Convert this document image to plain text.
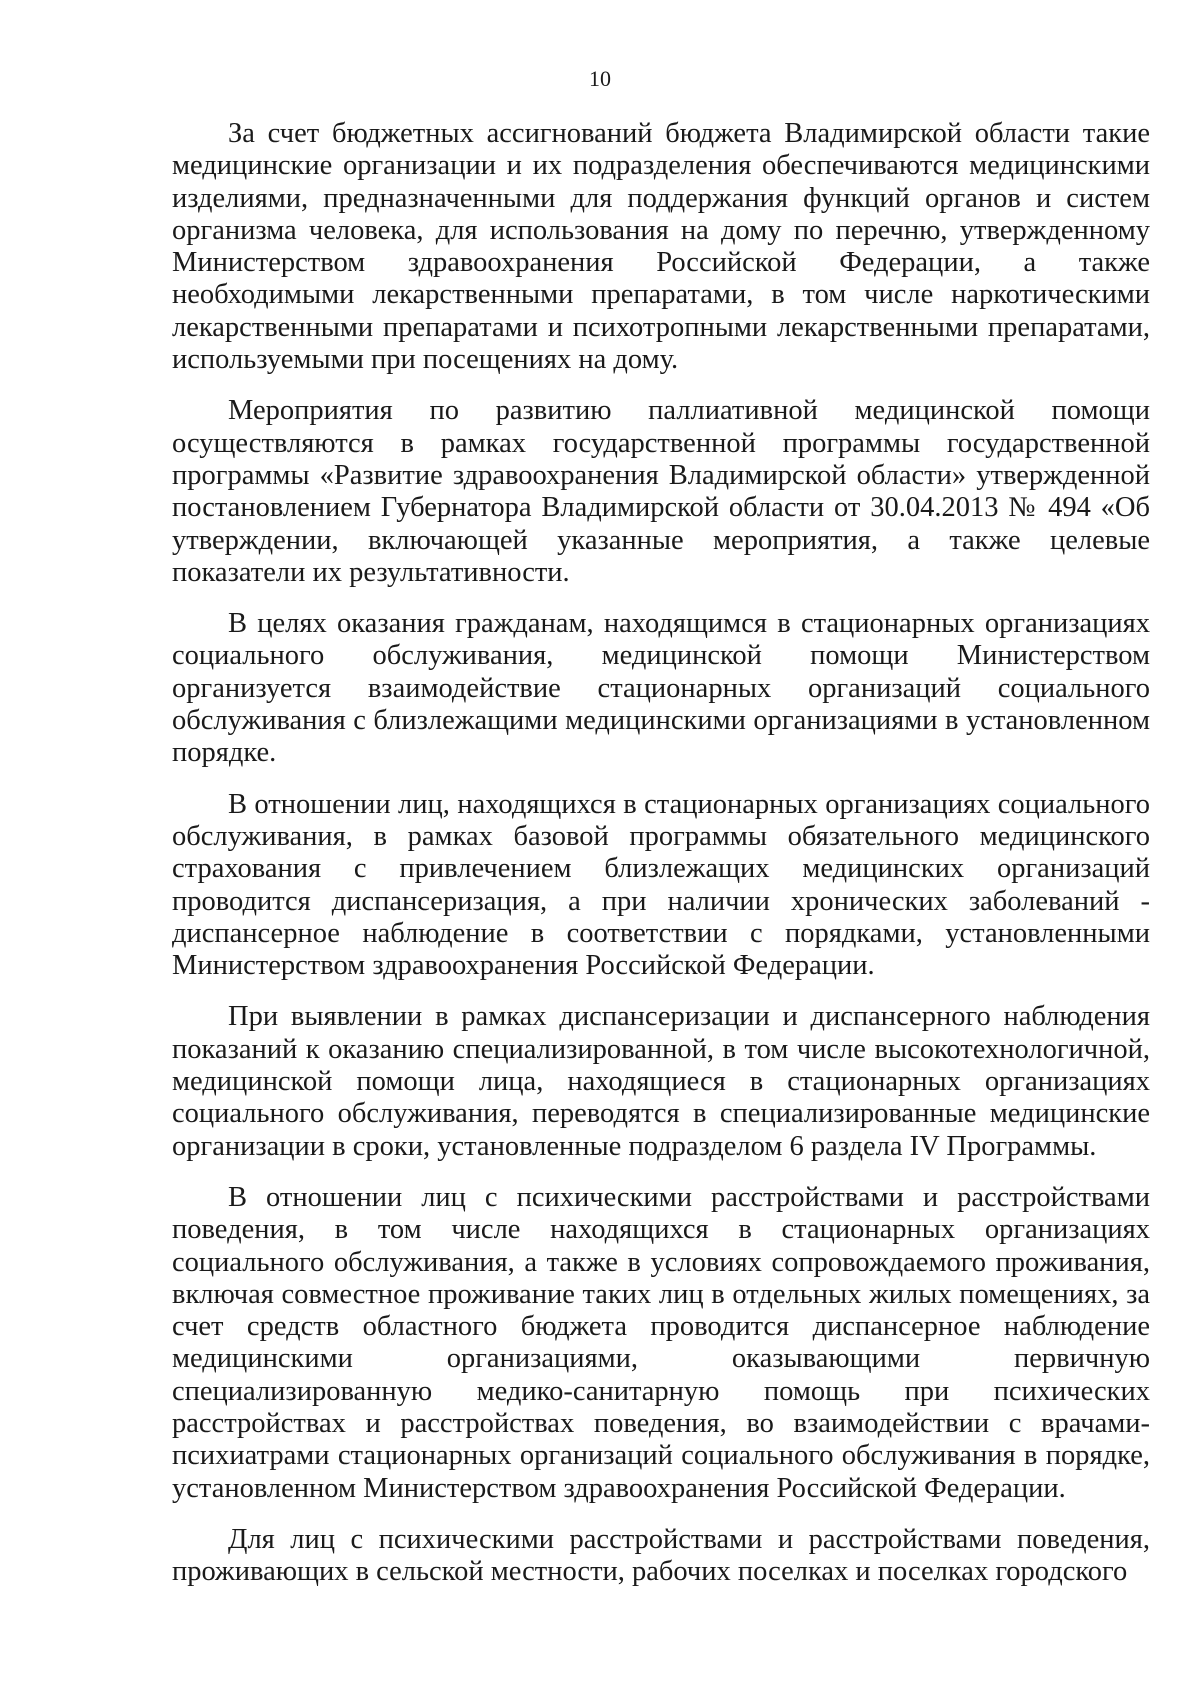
10

За счет бюджетных ассигнований бюджета Владимирской области такие медицинские организации и их подразделения обеспечиваются медицинскими изделиями, предназначенными для поддержания функций органов и систем организма человека, для использования на дому по перечню, утвержденному Министерством здравоохранения Российской Федерации, а также необходимыми лекарственными препаратами, в том числе наркотическими лекарственными препаратами и психотропными лекарственными препаратами, используемыми при посещениях на дому.

Мероприятия по развитию паллиативной медицинской помощи осуществляются в рамках государственной программы государственной программы «Развитие здравоохранения Владимирской области» утвержденной постановлением Губернатора Владимирской области от 30.04.2013 № 494 «Об утверждении, включающей указанные мероприятия, а также целевые показатели их результативности.

В целях оказания гражданам, находящимся в стационарных организациях социального обслуживания, медицинской помощи Министерством организуется взаимодействие стационарных организаций социального обслуживания с близлежащими медицинскими организациями в установленном порядке.

В отношении лиц, находящихся в стационарных организациях социального обслуживания, в рамках базовой программы обязательного медицинского страхования с привлечением близлежащих медицинских организаций проводится диспансеризация, а при наличии хронических заболеваний - диспансерное наблюдение в соответствии с порядками, установленными Министерством здравоохранения Российской Федерации.

При выявлении в рамках диспансеризации и диспансерного наблюдения показаний к оказанию специализированной, в том числе высокотехнологичной, медицинской помощи лица, находящиеся в стационарных организациях социального обслуживания, переводятся в специализированные медицинские организации в сроки, установленные подразделом 6 раздела IV Программы.

В отношении лиц с психическими расстройствами и расстройствами поведения, в том числе находящихся в стационарных организациях социального обслуживания, а также в условиях сопровождаемого проживания, включая совместное проживание таких лиц в отдельных жилых помещениях, за счет средств областного бюджета проводится диспансерное наблюдение медицинскими организациями, оказывающими первичную специализированную медико-санитарную помощь при психических расстройствах и расстройствах поведения, во взаимодействии с врачами-психиатрами стационарных организаций социального обслуживания в порядке, установленном Министерством здравоохранения Российской Федерации.

Для лиц с психическими расстройствами и расстройствами поведения, проживающих в сельской местности, рабочих поселках и поселках городского
